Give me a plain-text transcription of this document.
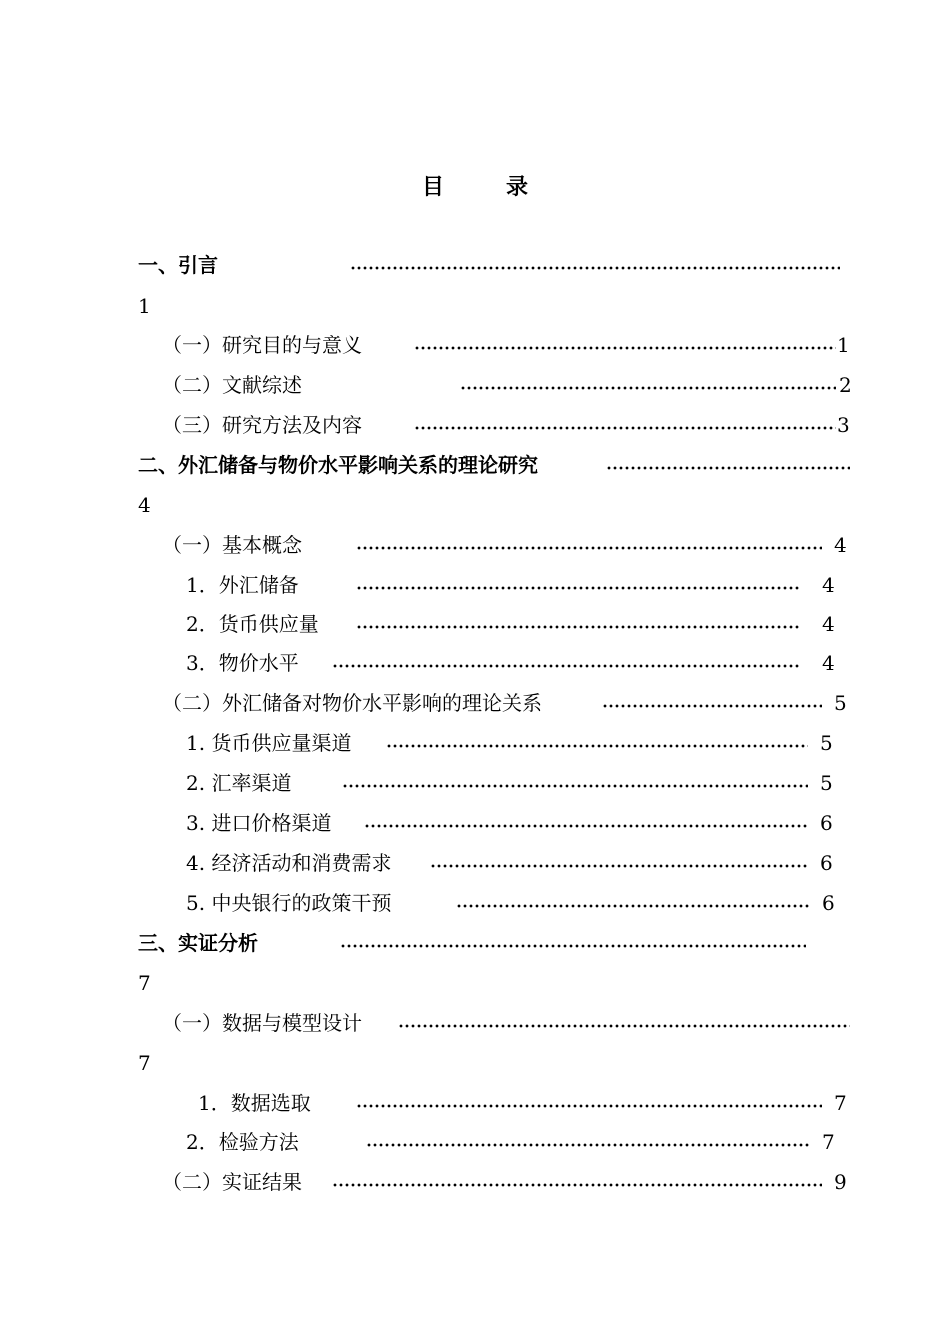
目	录
一、引言
1
（一）研究目的与意义	1
（二）文献综述	2
（三）研究方法及内容	3
二、外汇储备与物价水平影响关系的理论研究
4
（一）基本概念	4
1．外汇储备	4
2．货币供应量	4
3．物价水平	4
（二）外汇储备对物价水平影响的理论关系	5
1. 货币供应量渠道	5
2. 汇率渠道	5
3. 进口价格渠道	6
4. 经济活动和消费需求	6
5. 中央银行的政策干预	6
三、实证分析
7
（一）数据与模型设计
7
1．数据选取	7
2．检验方法	7
（二）实证结果	9
